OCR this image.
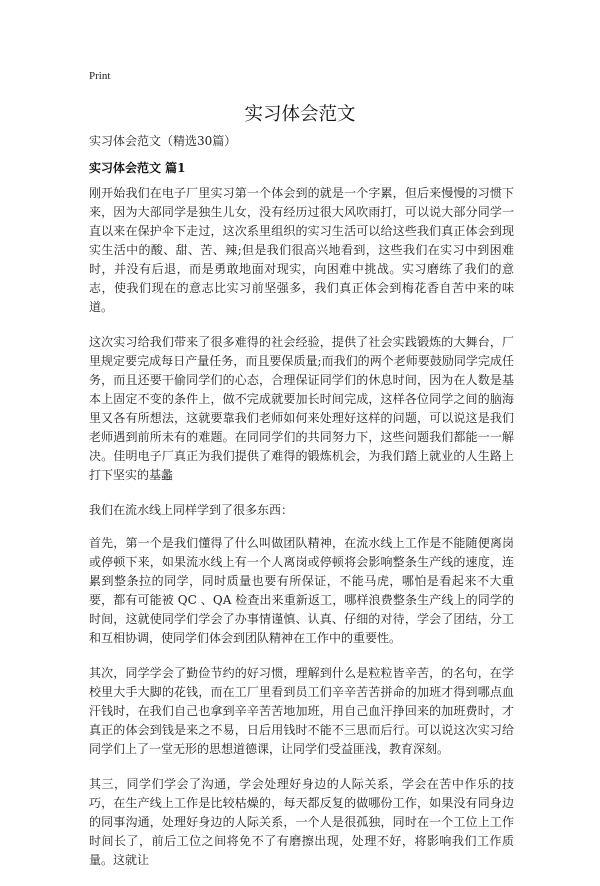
Print
实习体会范文

实习体会范文（精选30篇）

实习体会范文 篇1

刚开始我们在电子厂里实习第一个体会到的就是一个字累，但后来慢慢的习惯下来，因为大部同学是独生儿女，没有经历过很大风吹雨打，可以说大部分同学一直以来在保护伞下走过，这次系里组织的实习生活可以给这些我们真正体会到现实生活中的酸、甜、苦、辣;但是我们很高兴地看到，这些我们在实习中到困难时，并没有后退，而是勇敢地面对现实，向困难中挑战。实习磨练了我们的意志，使我们现在的意志比实习前坚强多，我们真正体会到梅花香自苦中来的味道。

这次实习给我们带来了很多难得的社会经验，提供了社会实践锻炼的大舞台，厂里规定要完成每日产量任务，而且要保质量;而我们的两个老师要鼓励同学完成任务，而且还要干偷同学们的心态，合理保证同学们的休息时间，因为在人数是基本上固定不变的条件上，做不完成就要加长时间完成，这样各位同学之间的脑海里又各有所想法，这就要靠我们老师如何来处理好这样的问题，可以说这是我们老师遇到前所未有的难题。在同同学们的共同努力下，这些问题我们都能一一解决。佳明电子厂真正为我们提供了难得的锻炼机会，为我们踏上就业的人生路上打下坚实的基蠡

我们在流水线上同样学到了很多东西：

首先，第一个是我们懂得了什么叫做团队精神，在流水线上工作是不能随便离岗或停顿下来，如果流水线上有一个人离岗或停顿将会影响整条生产线的速度，连累到整条拉的同学，同时质量也要有所保证，不能马虎，哪怕是看起来不大重要，都有可能被 QC 、QA 检查出来重新返工，哪样浪费整条生产线上的同学的时间，这就使同学们学会了办事情谨慎、认真、仔细的对待，学会了团结，分工和互相协调，使同学们体会到团队精神在工作中的重要性。

其次，同学学会了勤俭节约的好习惯，理解到什么是粒粒皆辛苦，的名句，在学校里大手大脚的花钱，而在工厂里看到员工们辛辛苦苦拼命的加班才得到哪点血汗钱时，在我们自己也拿到辛辛苦苦地加班，用自己血汗挣回来的加班费时，才真正的体会到钱是来之不易，日后用钱时不能不三思而后行。可以说这次实习给同学们上了一堂无形的思想道德课，让同学们受益匪浅，教育深刻。

其三，同学们学会了沟通，学会处理好身边的人际关系，学会在苦中作乐的技巧，在生产线上工作是比较枯燥的，每天都反复的做哪份工作，如果没有同身边的同事沟通，处理好身边的人际关系，一个人是很孤独，同时在一个工位上工作时间长了，前后工位之间将免不了有磨擦出现，处理不好，将影响我们工作质量。这就让
